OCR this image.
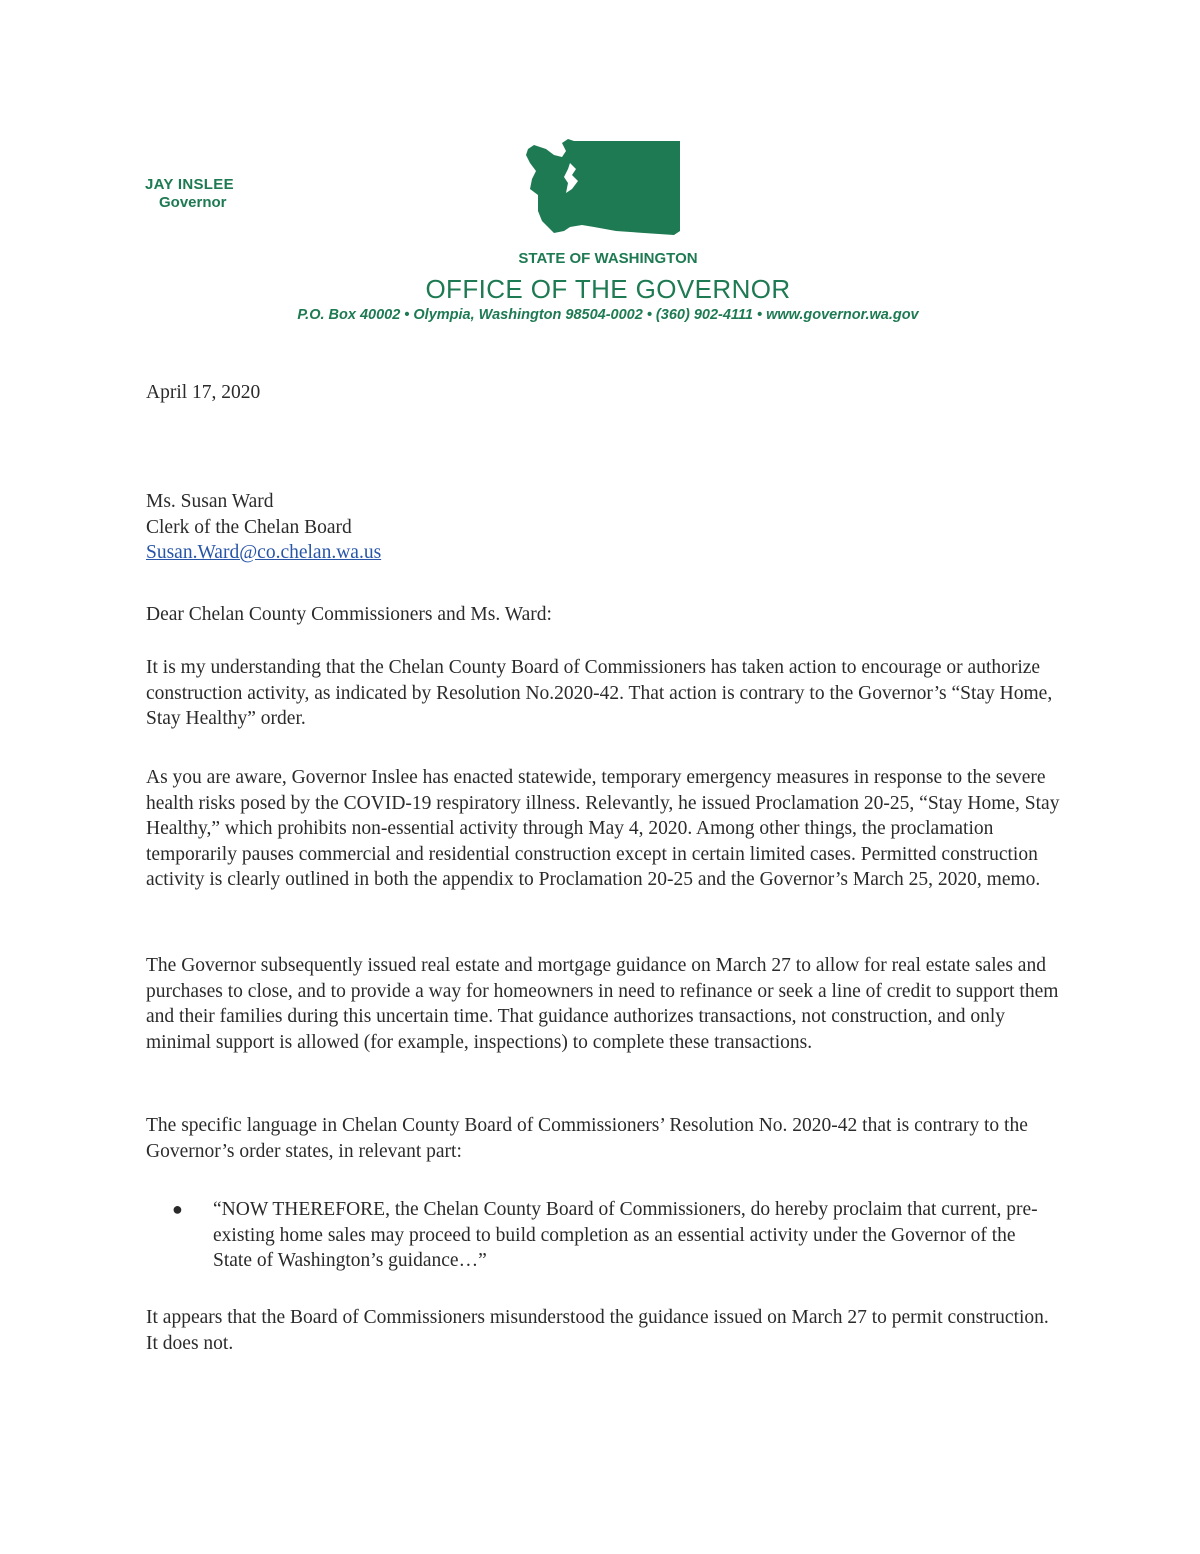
JAY INSLEE
Governor
STATE OF WASHINGTON
OFFICE OF THE GOVERNOR
P.O. Box 40002 • Olympia, Washington 98504-0002 • (360) 902-4111 • www.governor.wa.gov
April 17, 2020
Ms. Susan Ward
Clerk of the Chelan Board
Susan.Ward@co.chelan.wa.us
Dear Chelan County Commissioners and Ms. Ward:

It is my understanding that the Chelan County Board of Commissioners has taken action to encourage or authorize construction activity, as indicated by Resolution No.2020-42. That action is contrary to the Governor’s “Stay Home, Stay Healthy” order.

As you are aware, Governor Inslee has enacted statewide, temporary emergency measures in response to the severe health risks posed by the COVID-19 respiratory illness. Relevantly, he issued Proclamation 20-25, “Stay Home, Stay Healthy,” which prohibits non-essential activity through May 4, 2020. Among other things, the proclamation temporarily pauses commercial and residential construction except in certain limited cases. Permitted construction activity is clearly outlined in both the appendix to Proclamation 20-25 and the Governor’s March 25, 2020, memo.

The Governor subsequently issued real estate and mortgage guidance on March 27 to allow for real estate sales and purchases to close, and to provide a way for homeowners in need to refinance or seek a line of credit to support them and their families during this uncertain time. That guidance authorizes transactions, not construction, and only minimal support is allowed (for example, inspections) to complete these transactions.

The specific language in Chelan County Board of Commissioners’ Resolution No. 2020-42 that is contrary to the Governor’s order states, in relevant part:

● “NOW THEREFORE, the Chelan County Board of Commissioners, do hereby proclaim that current, pre-existing home sales may proceed to build completion as an essential activity under the Governor of the State of Washington’s guidance…”

It appears that the Board of Commissioners misunderstood the guidance issued on March 27 to permit construction. It does not.
